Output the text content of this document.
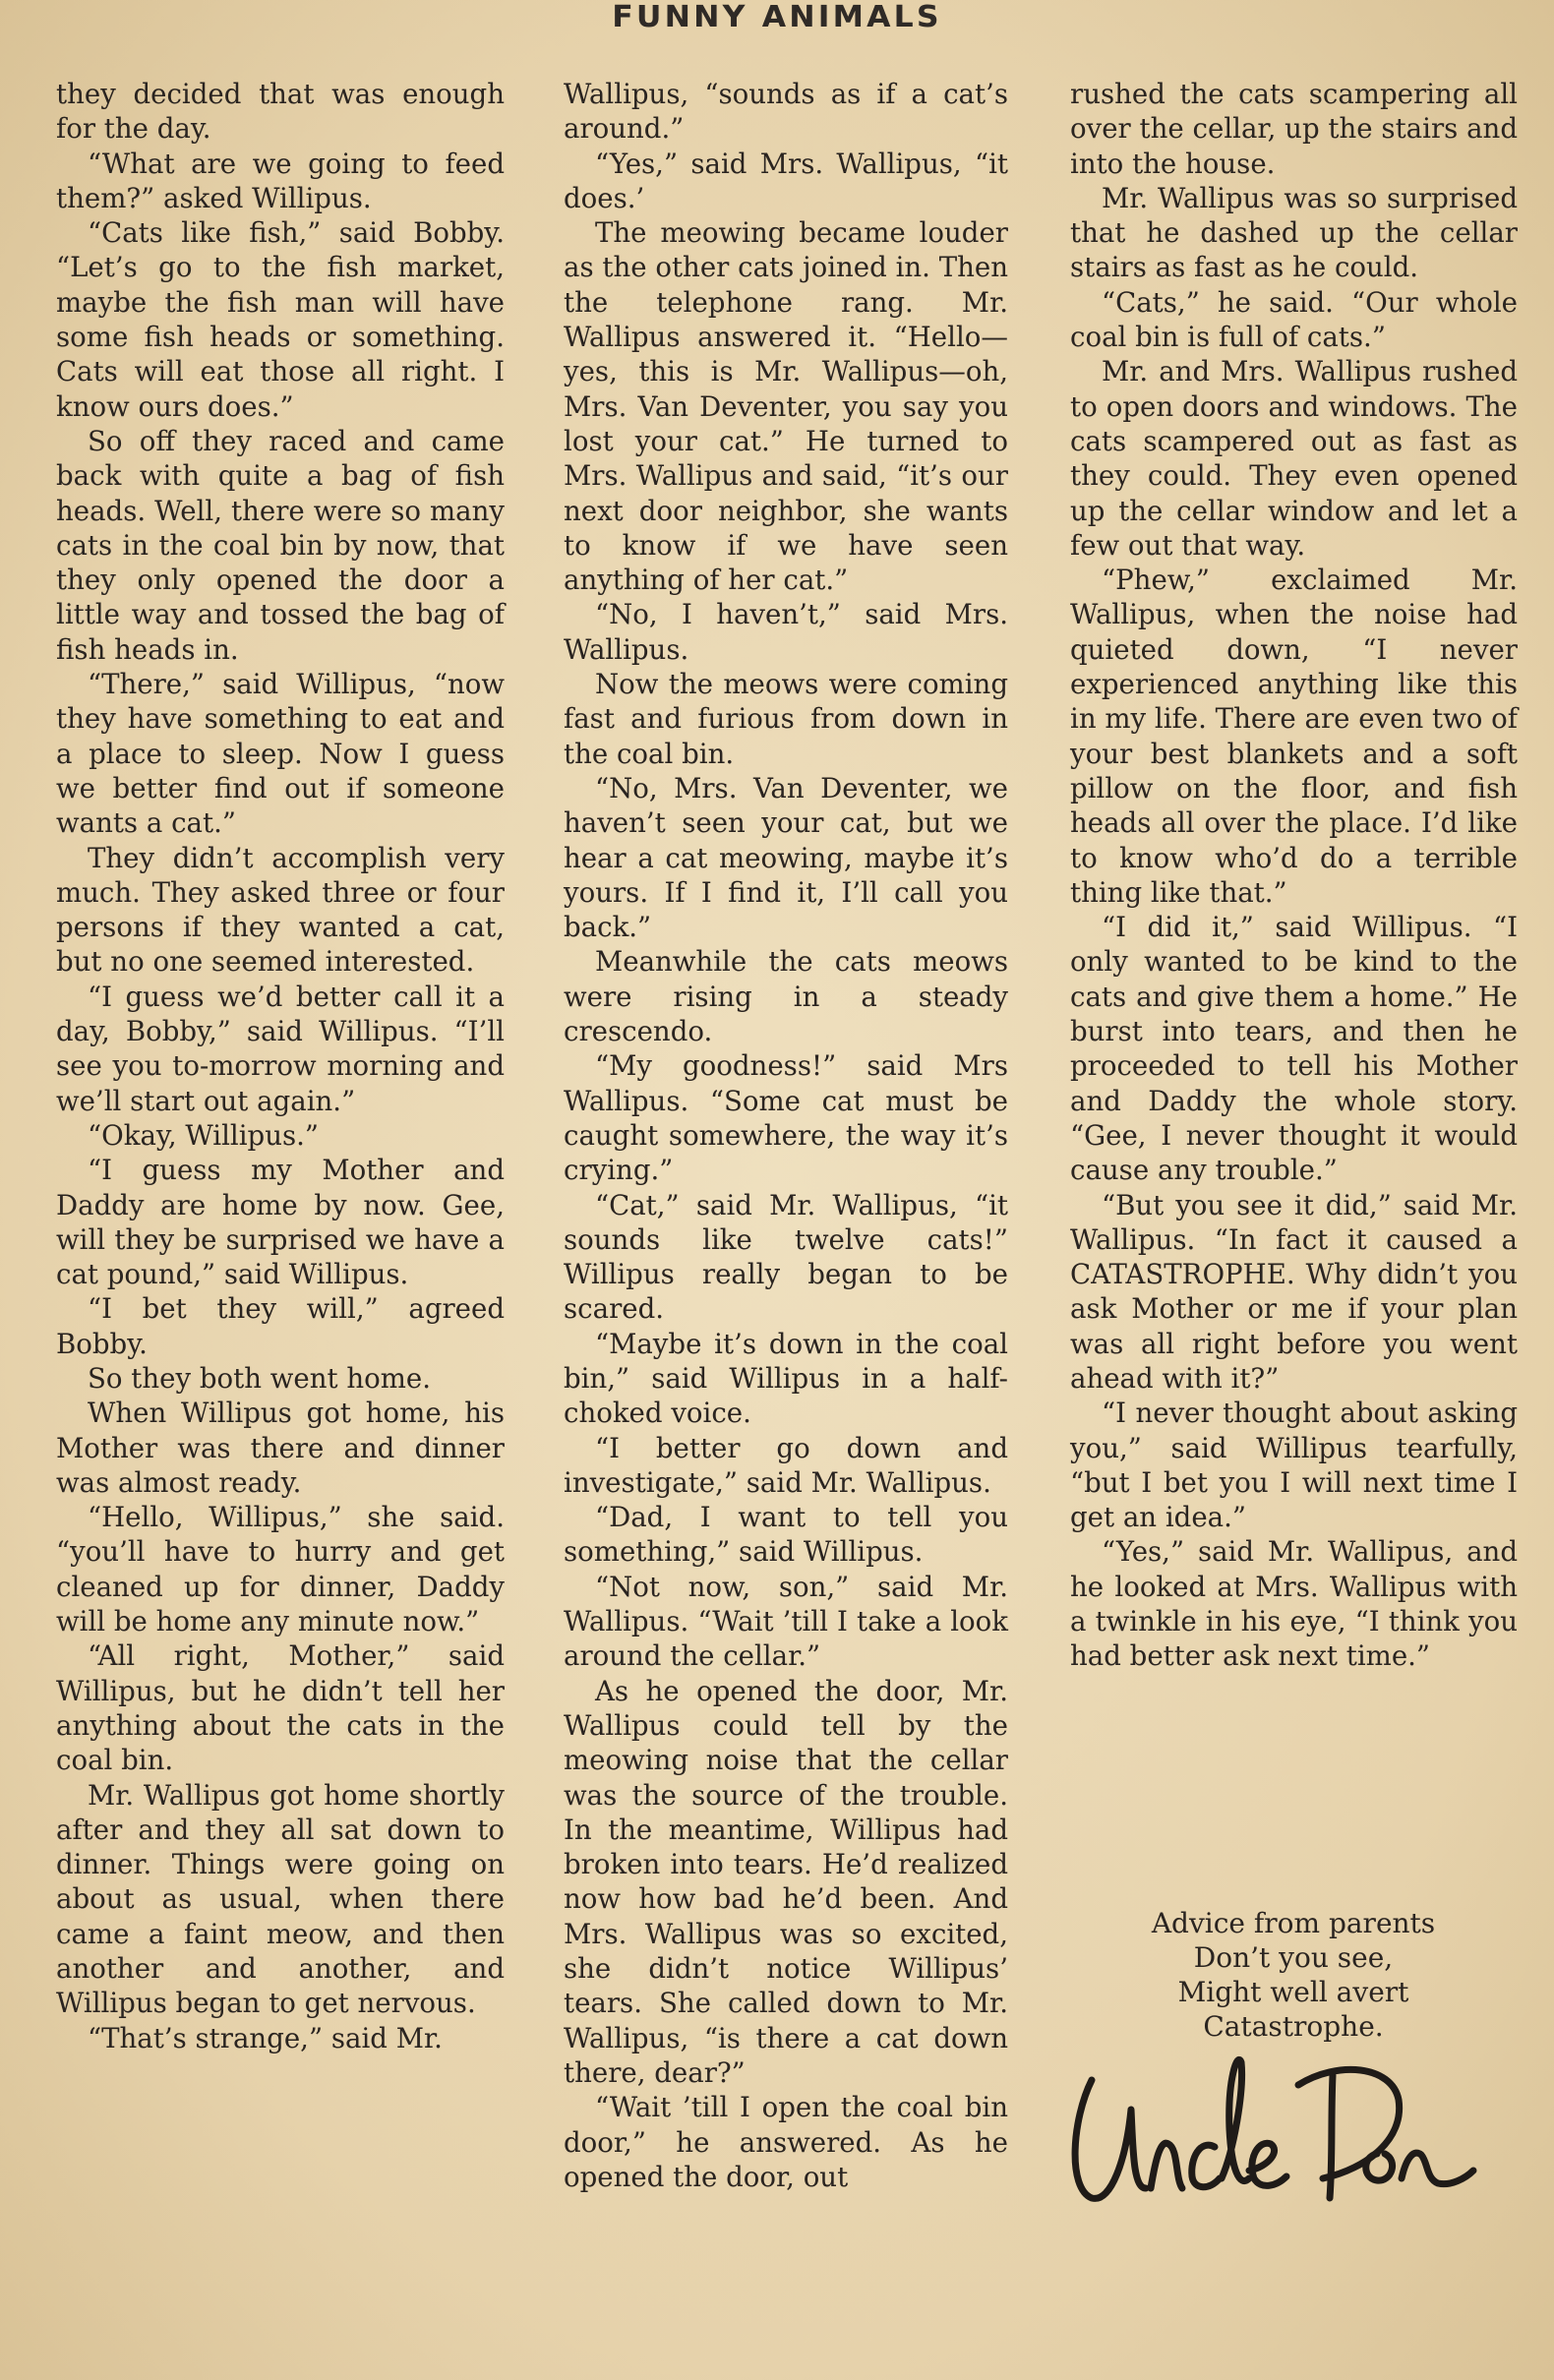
FUNNY ANIMALS

they decided that was enough for the day.

“What are we going to feed them?” asked Willipus.

“Cats like fish,” said Bobby. “Let’s go to the fish market, maybe the fish man will have some fish heads or something. Cats will eat those all right. I know ours does.”

So off they raced and came back with quite a bag of fish heads. Well, there were so many cats in the coal bin by now, that they only opened the door a little way and tossed the bag of fish heads in.

“There,” said Willipus, “now they have something to eat and a place to sleep. Now I guess we better find out if someone wants a cat.”

They didn’t accomplish very much. They asked three or four persons if they wanted a cat, but no one seemed interested.

“I guess we’d better call it a day, Bobby,” said Willipus. “I’ll see you to-morrow morning and we’ll start out again.”

“Okay, Willipus.”

“I guess my Mother and Daddy are home by now. Gee, will they be surprised we have a cat pound,” said Willipus.

“I bet they will,” agreed Bobby.

So they both went home.

When Willipus got home, his Mother was there and dinner was almost ready.

“Hello, Willipus,” she said. “you’ll have to hurry and get cleaned up for dinner, Daddy will be home any minute now.”

“All right, Mother,” said Willipus, but he didn’t tell her anything about the cats in the coal bin.

Mr. Wallipus got home shortly after and they all sat down to dinner. Things were going on about as usual, when there came a faint meow, and then another and another, and Willipus began to get nervous.

“That’s strange,” said Mr.

Wallipus, “sounds as if a cat’s around.”

“Yes,” said Mrs. Wallipus, “it does.’

The meowing became louder as the other cats joined in. Then the telephone rang. Mr. Wallipus answered it. “Hello—yes, this is Mr. Wallipus—oh, Mrs. Van Deventer, you say you lost your cat.” He turned to Mrs. Wallipus and said, “it’s our next door neighbor, she wants to know if we have seen anything of her cat.”

“No, I haven’t,” said Mrs. Wallipus.

Now the meows were coming fast and furious from down in the coal bin.

“No, Mrs. Van Deventer, we haven’t seen your cat, but we hear a cat meowing, maybe it’s yours. If I find it, I’ll call you back.”

Meanwhile the cats meows were rising in a steady crescendo.

“My goodness!” said Mrs Wallipus. “Some cat must be caught somewhere, the way it’s crying.”

“Cat,” said Mr. Wallipus, “it sounds like twelve cats!” Willipus really began to be scared.

“Maybe it’s down in the coal bin,” said Willipus in a half-choked voice.

“I better go down and investigate,” said Mr. Wallipus.

“Dad, I want to tell you something,” said Willipus.

“Not now, son,” said Mr. Wallipus. “Wait ’till I take a look around the cellar.”

As he opened the door, Mr. Wallipus could tell by the meowing noise that the cellar was the source of the trouble. In the meantime, Willipus had broken into tears. He’d realized now how bad he’d been. And Mrs. Wallipus was so excited, she didn’t notice Willipus’ tears. She called down to Mr. Wallipus, “is there a cat down there, dear?”

“Wait ’till I open the coal bin door,” he answered. As he opened the door, out

rushed the cats scampering all over the cellar, up the stairs and into the house.

Mr. Wallipus was so surprised that he dashed up the cellar stairs as fast as he could.

“Cats,” he said. “Our whole coal bin is full of cats.”

Mr. and Mrs. Wallipus rushed to open doors and windows. The cats scampered out as fast as they could. They even opened up the cellar window and let a few out that way.

“Phew,” exclaimed Mr. Wallipus, when the noise had quieted down, “I never experienced anything like this in my life. There are even two of your best blankets and a soft pillow on the floor, and fish heads all over the place. I’d like to know who’d do a terrible thing like that.”

“I did it,” said Willipus. “I only wanted to be kind to the cats and give them a home.” He burst into tears, and then he proceeded to tell his Mother and Daddy the whole story. “Gee, I never thought it would cause any trouble.”

“But you see it did,” said Mr. Wallipus. “In fact it caused a CATASTROPHE. Why didn’t you ask Mother or me if your plan was all right before you went ahead with it?”

“I never thought about asking you,” said Willipus tearfully, “but I bet you I will next time I get an idea.”

“Yes,” said Mr. Wallipus, and he looked at Mrs. Wallipus with a twinkle in his eye, “I think you had better ask next time.”

Advice from parents
Don’t you see,
Might well avert
Catastrophe.
